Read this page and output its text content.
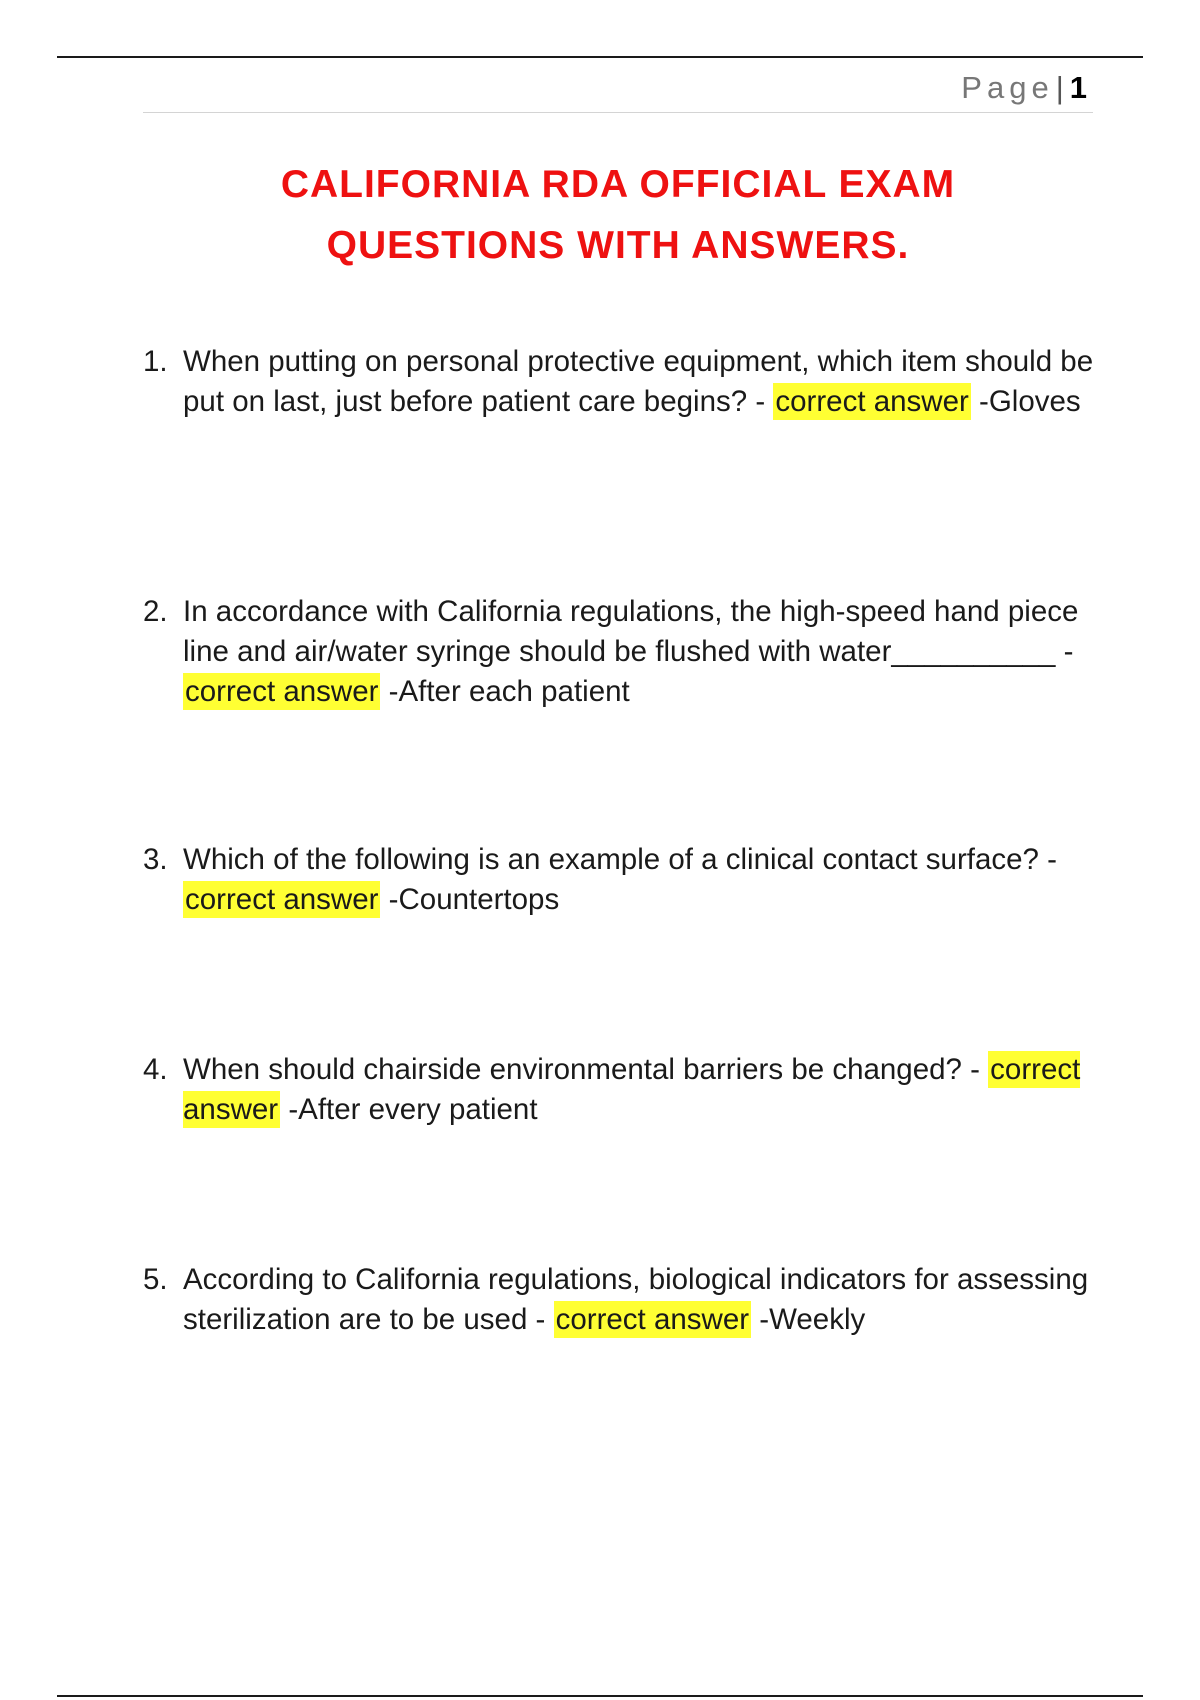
Page| 1
CALIFORNIA RDA OFFICIAL EXAM
QUESTIONS WITH ANSWERS.
1. When putting on personal protective equipment, which item should be put on last, just before patient care begins? - correct answer -Gloves
2. In accordance with California regulations, the high-speed hand piece line and air/water syringe should be flushed with water__________ - correct answer -After each patient
3. Which of the following is an example of a clinical contact surface? - correct answer -Countertops
4. When should chairside environmental barriers be changed? - correct answer -After every patient
5. According to California regulations, biological indicators for assessing sterilization are to be used - correct answer -Weekly
